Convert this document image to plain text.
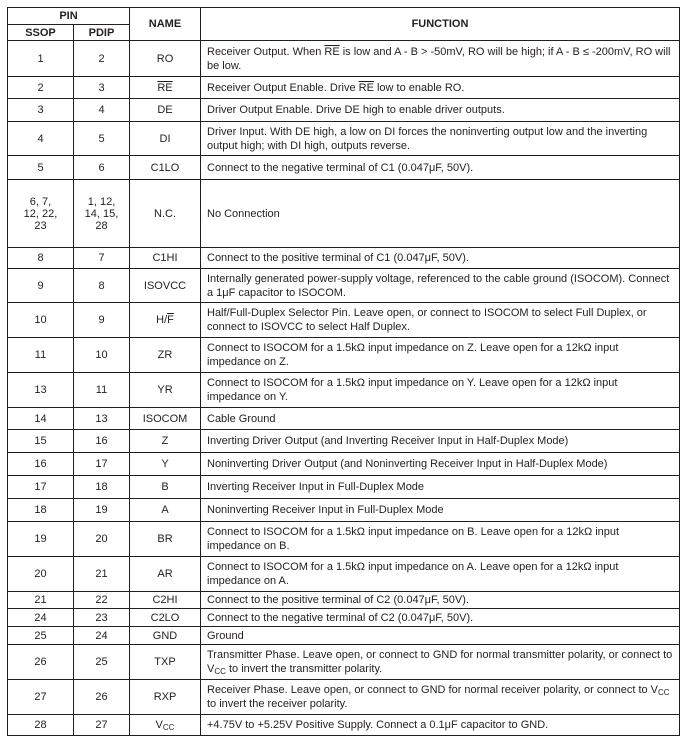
PIN		NAME	FUNCTION
SSOP	PDIP		
1	2	RO	Receiver Output. When $\overline{RE}$ is low and A - B > -50mV, RO will be high; if A - B ≤ -200mV, RO will be low.
2	3	$\overline{RE}$	Receiver Output Enable. Drive $\overline{RE}$ low to enable RO.
3	4	DE	Driver Output Enable. Drive DE high to enable driver outputs.
4	5	DI	Driver Input. With DE high, a low on DI forces the noninverting output low and the inverting output high; with DI high, outputs reverse.
5	6	C1LO	Connect to the negative terminal of C1 (0.047μF, 50V).
6, 7,
12, 22,
23	1, 12,
14, 15,
28	N.C.	No Connection
8	7	C1HI	Connect to the positive terminal of C1 (0.047μF, 50V).
9	8	ISOVCC	Internally generated power-supply voltage, referenced to the cable ground (ISOCOM). Connect a 1μF capacitor to ISOCOM.
10	9	$H/\overline{F}$	Half/Full-Duplex Selector Pin. Leave open, or connect to ISOCOM to select Full Duplex, or connect to ISOVCC to select Half Duplex.
11	10	ZR	Connect to ISOCOM for a 1.5kΩ input impedance on Z. Leave open for a 12kΩ input impedance on Z.
13	11	YR	Connect to ISOCOM for a 1.5kΩ input impedance on Y. Leave open for a 12kΩ input impedance on Y.
14	13	ISOCOM	Cable Ground
15	16	Z	Inverting Driver Output (and Inverting Receiver Input in Half-Duplex Mode)
16	17	Y	Noninverting Driver Output (and Noninverting Receiver Input in Half-Duplex Mode)
17	18	B	Inverting Receiver Input in Full-Duplex Mode
18	19	A	Noninverting Receiver Input in Full-Duplex Mode
19	20	BR	Connect to ISOCOM for a 1.5kΩ input impedance on B. Leave open for a 12kΩ input impedance on B.
20	21	AR	Connect to ISOCOM for a 1.5kΩ input impedance on A. Leave open for a 12kΩ input impedance on A.
21	22	C2HI	Connect to the positive terminal of C2 (0.047μF, 50V).
24	23	C2LO	Connect to the negative terminal of C2 (0.047μF, 50V).
25	24	GND	Ground
26	25	TXP	Transmitter Phase. Leave open, or connect to GND for normal transmitter polarity, or connect to $V_{CC}$ to invert the transmitter polarity.
27	26	RXP	Receiver Phase. Leave open, or connect to GND for normal receiver polarity, or connect to $V_{CC}$ to invert the receiver polarity.
28	27	$V_{CC}$	+4.75V to +5.25V Positive Supply. Connect a 0.1μF capacitor to GND.
